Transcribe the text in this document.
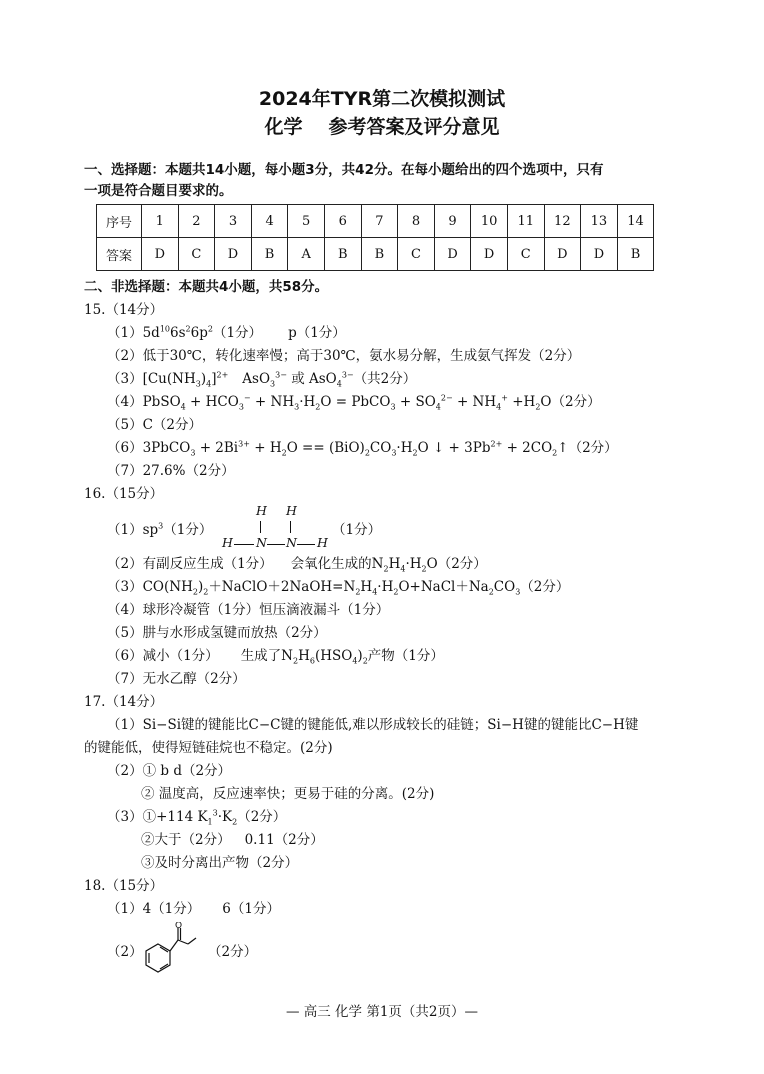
2024年TYR第二次模拟测试
化学 参考答案及评分意见
一、选择题：本题共14小题，每小题3分，共42分。在每小题给出的四个选项中，只有
一项是符合题目要求的。
序号	1	2	3	4	5	6	7	8	9	10	11	12	13	14
答案	D	C	D	B	A	B	B	C	D	D	C	D	D	B
二、非选择题：本题共4小题，共58分。
15.（14分）
$(1)5d^{10}6s^26p^2(1$分） p（1分）
（2）低于30℃，转化速率慢；高于30℃，氨水易分解，生成氨气挥发（2分）
$(3)[Cu(NH_3)_4]^{2+}$ AsO$_3^{3-}$ 或 AsO$_4^{3-}$（共2分）
（4）PbSO$_4$ + $HCO_3^- + NH_3\cdot H_2O$ = PbCO$_3$ + $SO_4^{2-} + NH_4^+ +H_2O(2$分）
（5）C（2分）
（6）3PbCO$_3$ + $2Bi^{3+} + H_2O == (BiO)_2CO_3\cdot H_2O$ ↓ + $3Pb^{2+}$ + $2CO_2↑(2$分）
（7）27.6%（2分）
16.（15分）
$(1)sp^3(1$分）
H H
H N N H
（1分）
（2）有副反应生成（1分） 会氧化生成的$N_2H_4\cdot H_2O(2$分）
$(3)CO(NH_2)_2+NaClO+2NaOH=N_2H_4\cdot H_2O+NaCl+Na_2CO_3(2$分）
（4）球形冷凝管（1分）恒压滴液漏斗（1分）
（5）肼与水形成氢键而放热（2分）
（6）减小（1分） 生成了$N_2H_6(HSO_4)_2$产物（1分）
（7）无水乙醇（2分）
17.（14分）
（1）Si−Si键的键能比C−C键的键能低,难以形成较长的硅链；Si−H键的键能比C−H键
的键能低，使得短链硅烷也不稳定。(2分)
（2）① b d（2分）
② 温度高，反应速率快；更易于硅的分离。(2分)
（3）①+114 $K_1^3\cdot K_2(2$分）
②大于（2分） 0.11（2分）
③及时分离出产物（2分）
18.（15分）
（1）4（1分） 6（1分）
（2）
O
（2分）
— 高三 化学 第1页（共2页）—
